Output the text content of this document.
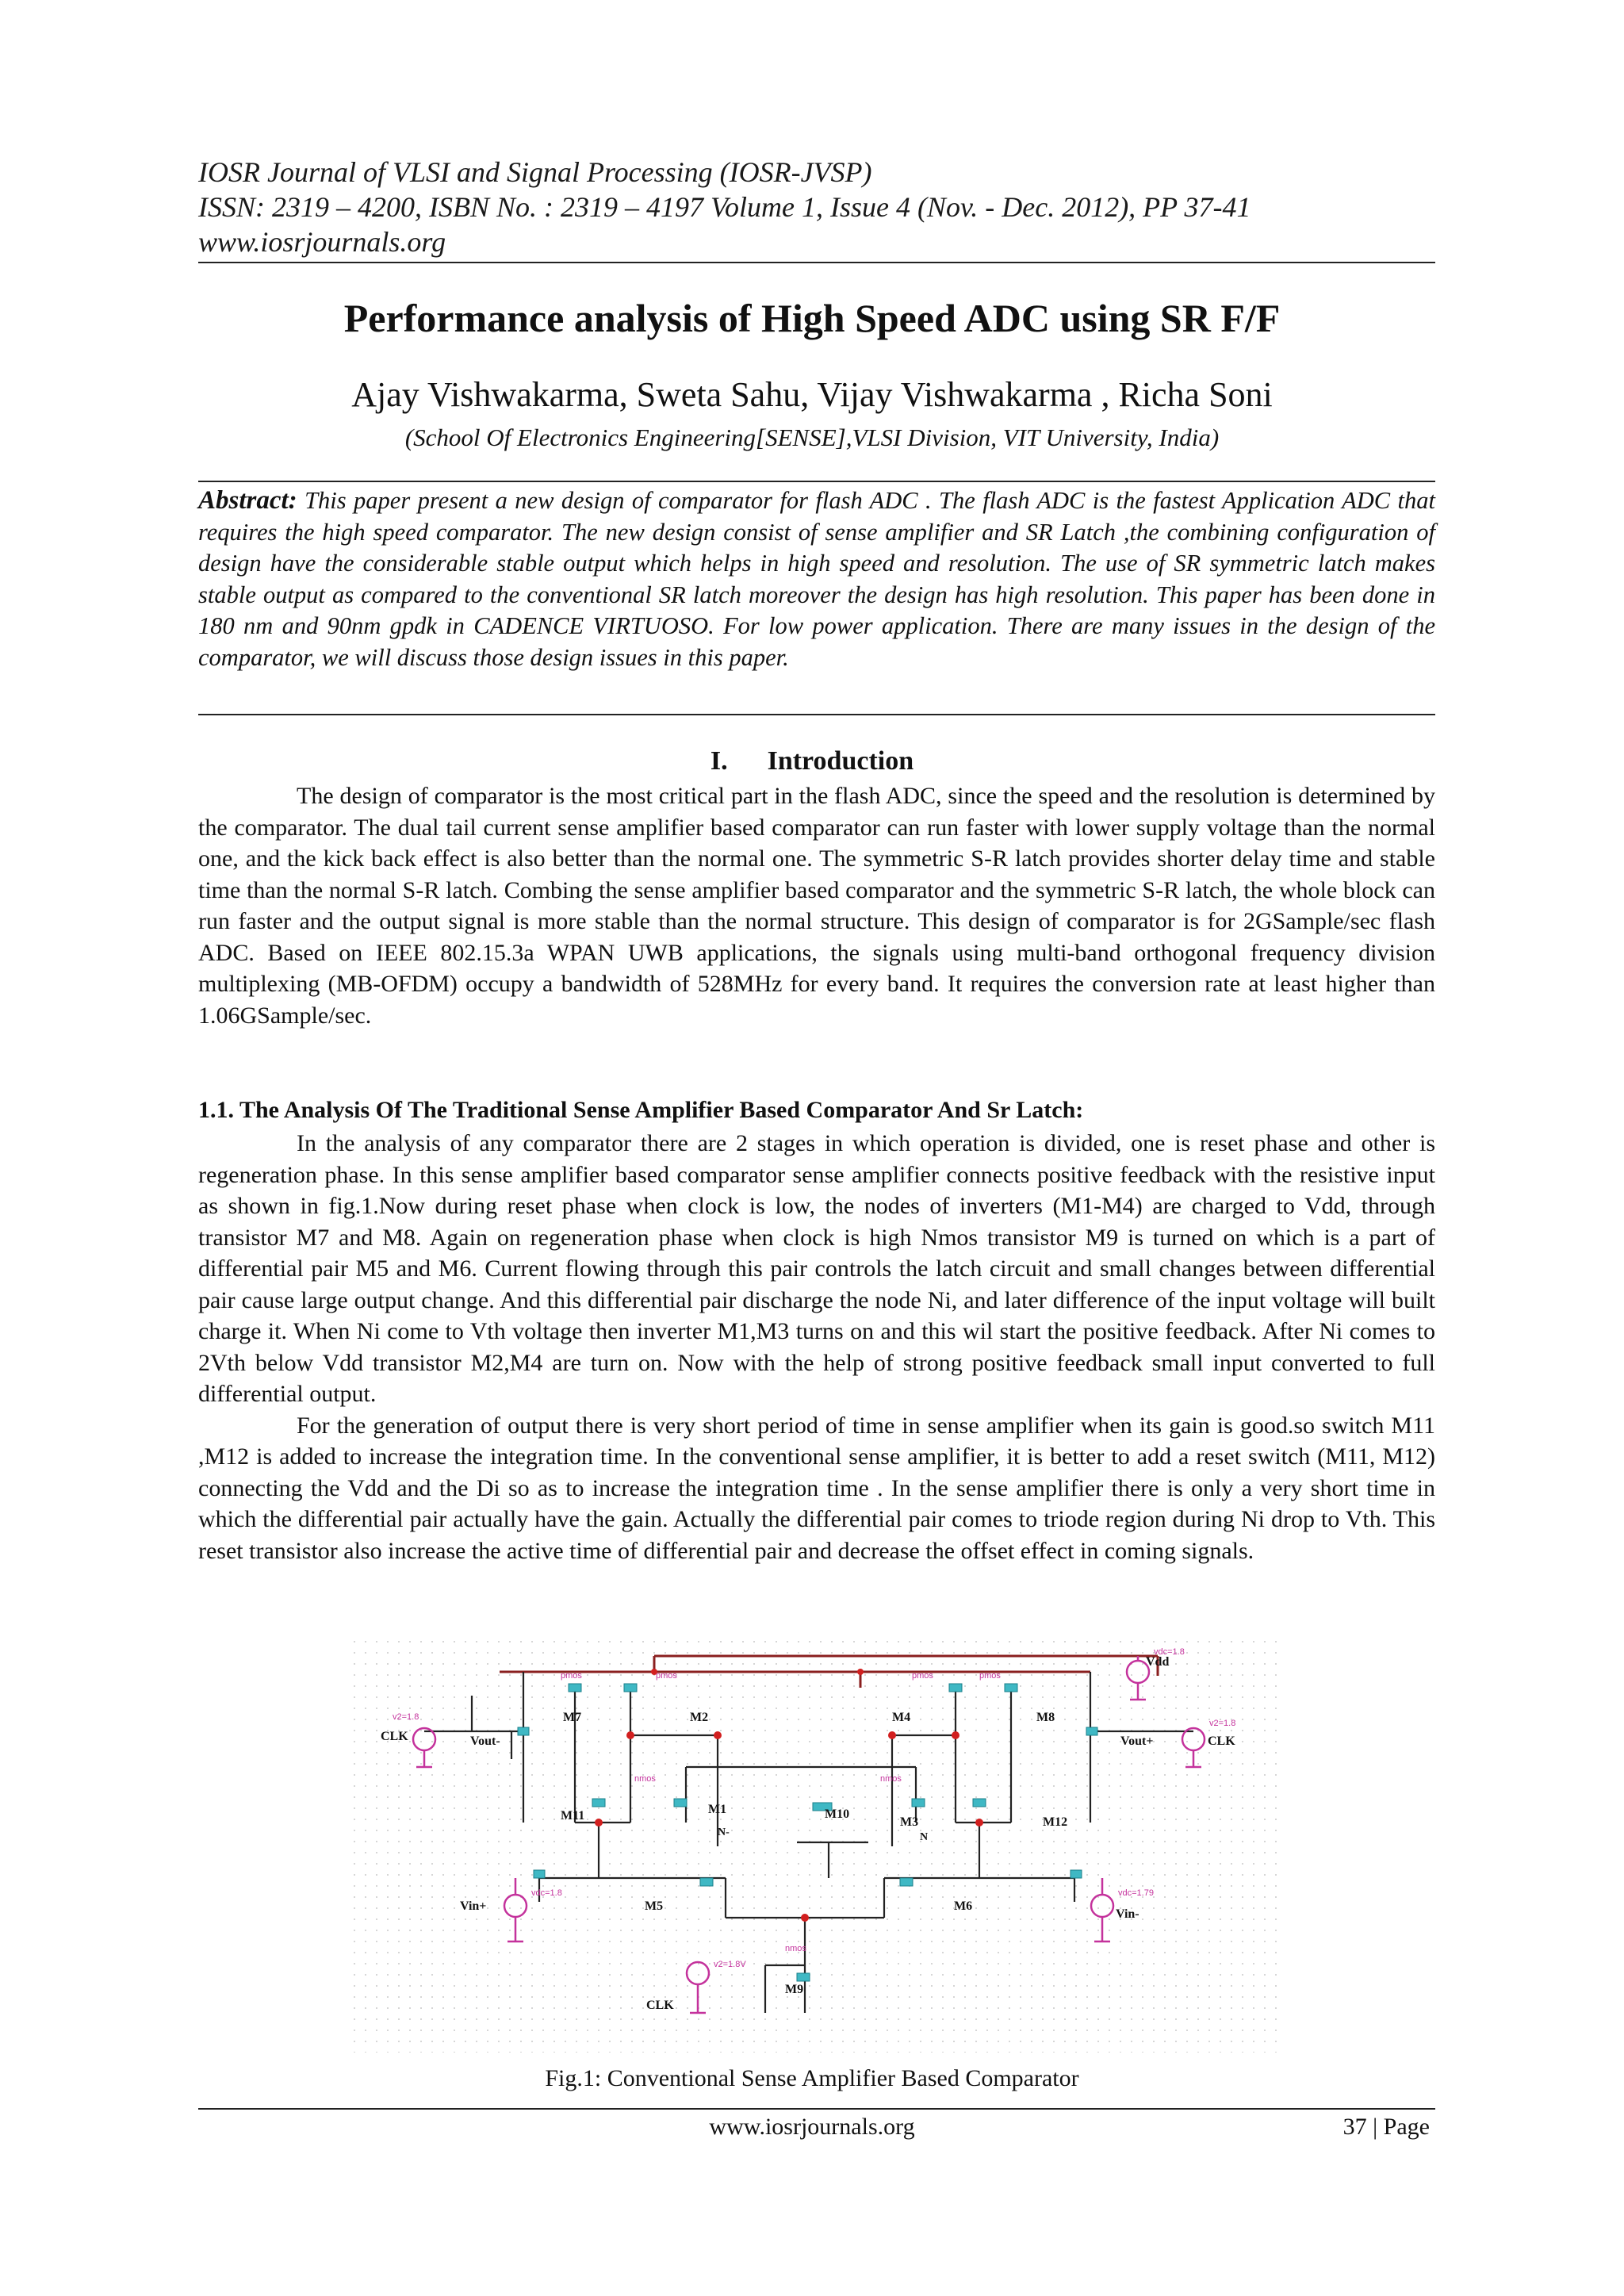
IOSR Journal of VLSI and Signal Processing (IOSR-JVSP)
ISSN: 2319 – 4200, ISBN No. : 2319 – 4197 Volume 1, Issue 4 (Nov. - Dec. 2012), PP 37-41
www.iosrjournals.org
Performance analysis of High Speed ADC using SR F/F
Ajay Vishwakarma, Sweta Sahu, Vijay Vishwakarma , Richa Soni
(School Of Electronics Engineering[SENSE],VLSI Division, VIT University, India)
Abstract: This paper present a new design of comparator for flash ADC . The flash ADC is the fastest Application ADC that requires the high speed comparator. The new design consist of sense amplifier and SR Latch ,the combining configuration of design have the considerable stable output which helps in high speed and resolution. The use of SR symmetric latch makes stable output as compared to the conventional SR latch moreover the design has high resolution. This paper has been done in 180 nm and 90nm gpdk in CADENCE VIRTUOSO. For low power application. There are many issues in the design of the comparator, we will discuss those design issues in this paper.
I. Introduction
The design of comparator is the most critical part in the flash ADC, since the speed and the resolution is determined by the comparator. The dual tail current sense amplifier based comparator can run faster with lower supply voltage than the normal one, and the kick back effect is also better than the normal one. The symmetric S-R latch provides shorter delay time and stable time than the normal S-R latch. Combing the sense amplifier based comparator and the symmetric S-R latch, the whole block can run faster and the output signal is more stable than the normal structure. This design of comparator is for 2GSample/sec flash ADC. Based on IEEE 802.15.3a WPAN UWB applications, the signals using multi-band orthogonal frequency division multiplexing (MB-OFDM) occupy a bandwidth of 528MHz for every band. It requires the conversion rate at least higher than 1.06GSample/sec.
1.1. The Analysis Of The Traditional Sense Amplifier Based Comparator And Sr Latch:
In the analysis of any comparator there are 2 stages in which operation is divided, one is reset phase and other is regeneration phase. In this sense amplifier based comparator sense amplifier connects positive feedback with the resistive input as shown in fig.1.Now during reset phase when clock is low, the nodes of inverters (M1-M4) are charged to Vdd, through transistor M7 and M8. Again on regeneration phase when clock is high Nmos transistor M9 is turned on which is a part of differential pair M5 and M6. Current flowing through this pair controls the latch circuit and small changes between differential pair cause large output change. And this differential pair discharge the node Ni, and later difference of the input voltage will built charge it. When Ni come to Vth voltage then inverter M1,M3 turns on and this wil start the positive feedback. After Ni comes to 2Vth below Vdd transistor M2,M4 are turn on. Now with the help of strong positive feedback small input converted to full differential output.
For the generation of output there is very short period of time in sense amplifier when its gain is good.so switch M11 ,M12 is added to increase the integration time. In the conventional sense amplifier, it is better to add a reset switch (M11, M12) connecting the Vdd and the Di so as to increase the integration time . In the sense amplifier there is only a very short time in which the differential pair actually have the gain. Actually the differential pair comes to triode region during Ni drop to Vth. This reset transistor also increase the active time of differential pair and decrease the offset effect in coming signals.
M7	M2	M4	M8
M11	M1	M10
M3	M12
M5	M6
M9
N-	N
Vdd
Vout-	Vout+
CLK	CLK
CLK
Vin+
Vin-
pmos	pmos	pmos	pmos
nmos	nmos
nmos
vdc=1.8
vdc=1.8	vdc=1.79
v2=1.8
v2=1.8
v2=1.8V
Fig.1: Conventional Sense Amplifier Based Comparator
www.iosrjournals.org	37 | Page
